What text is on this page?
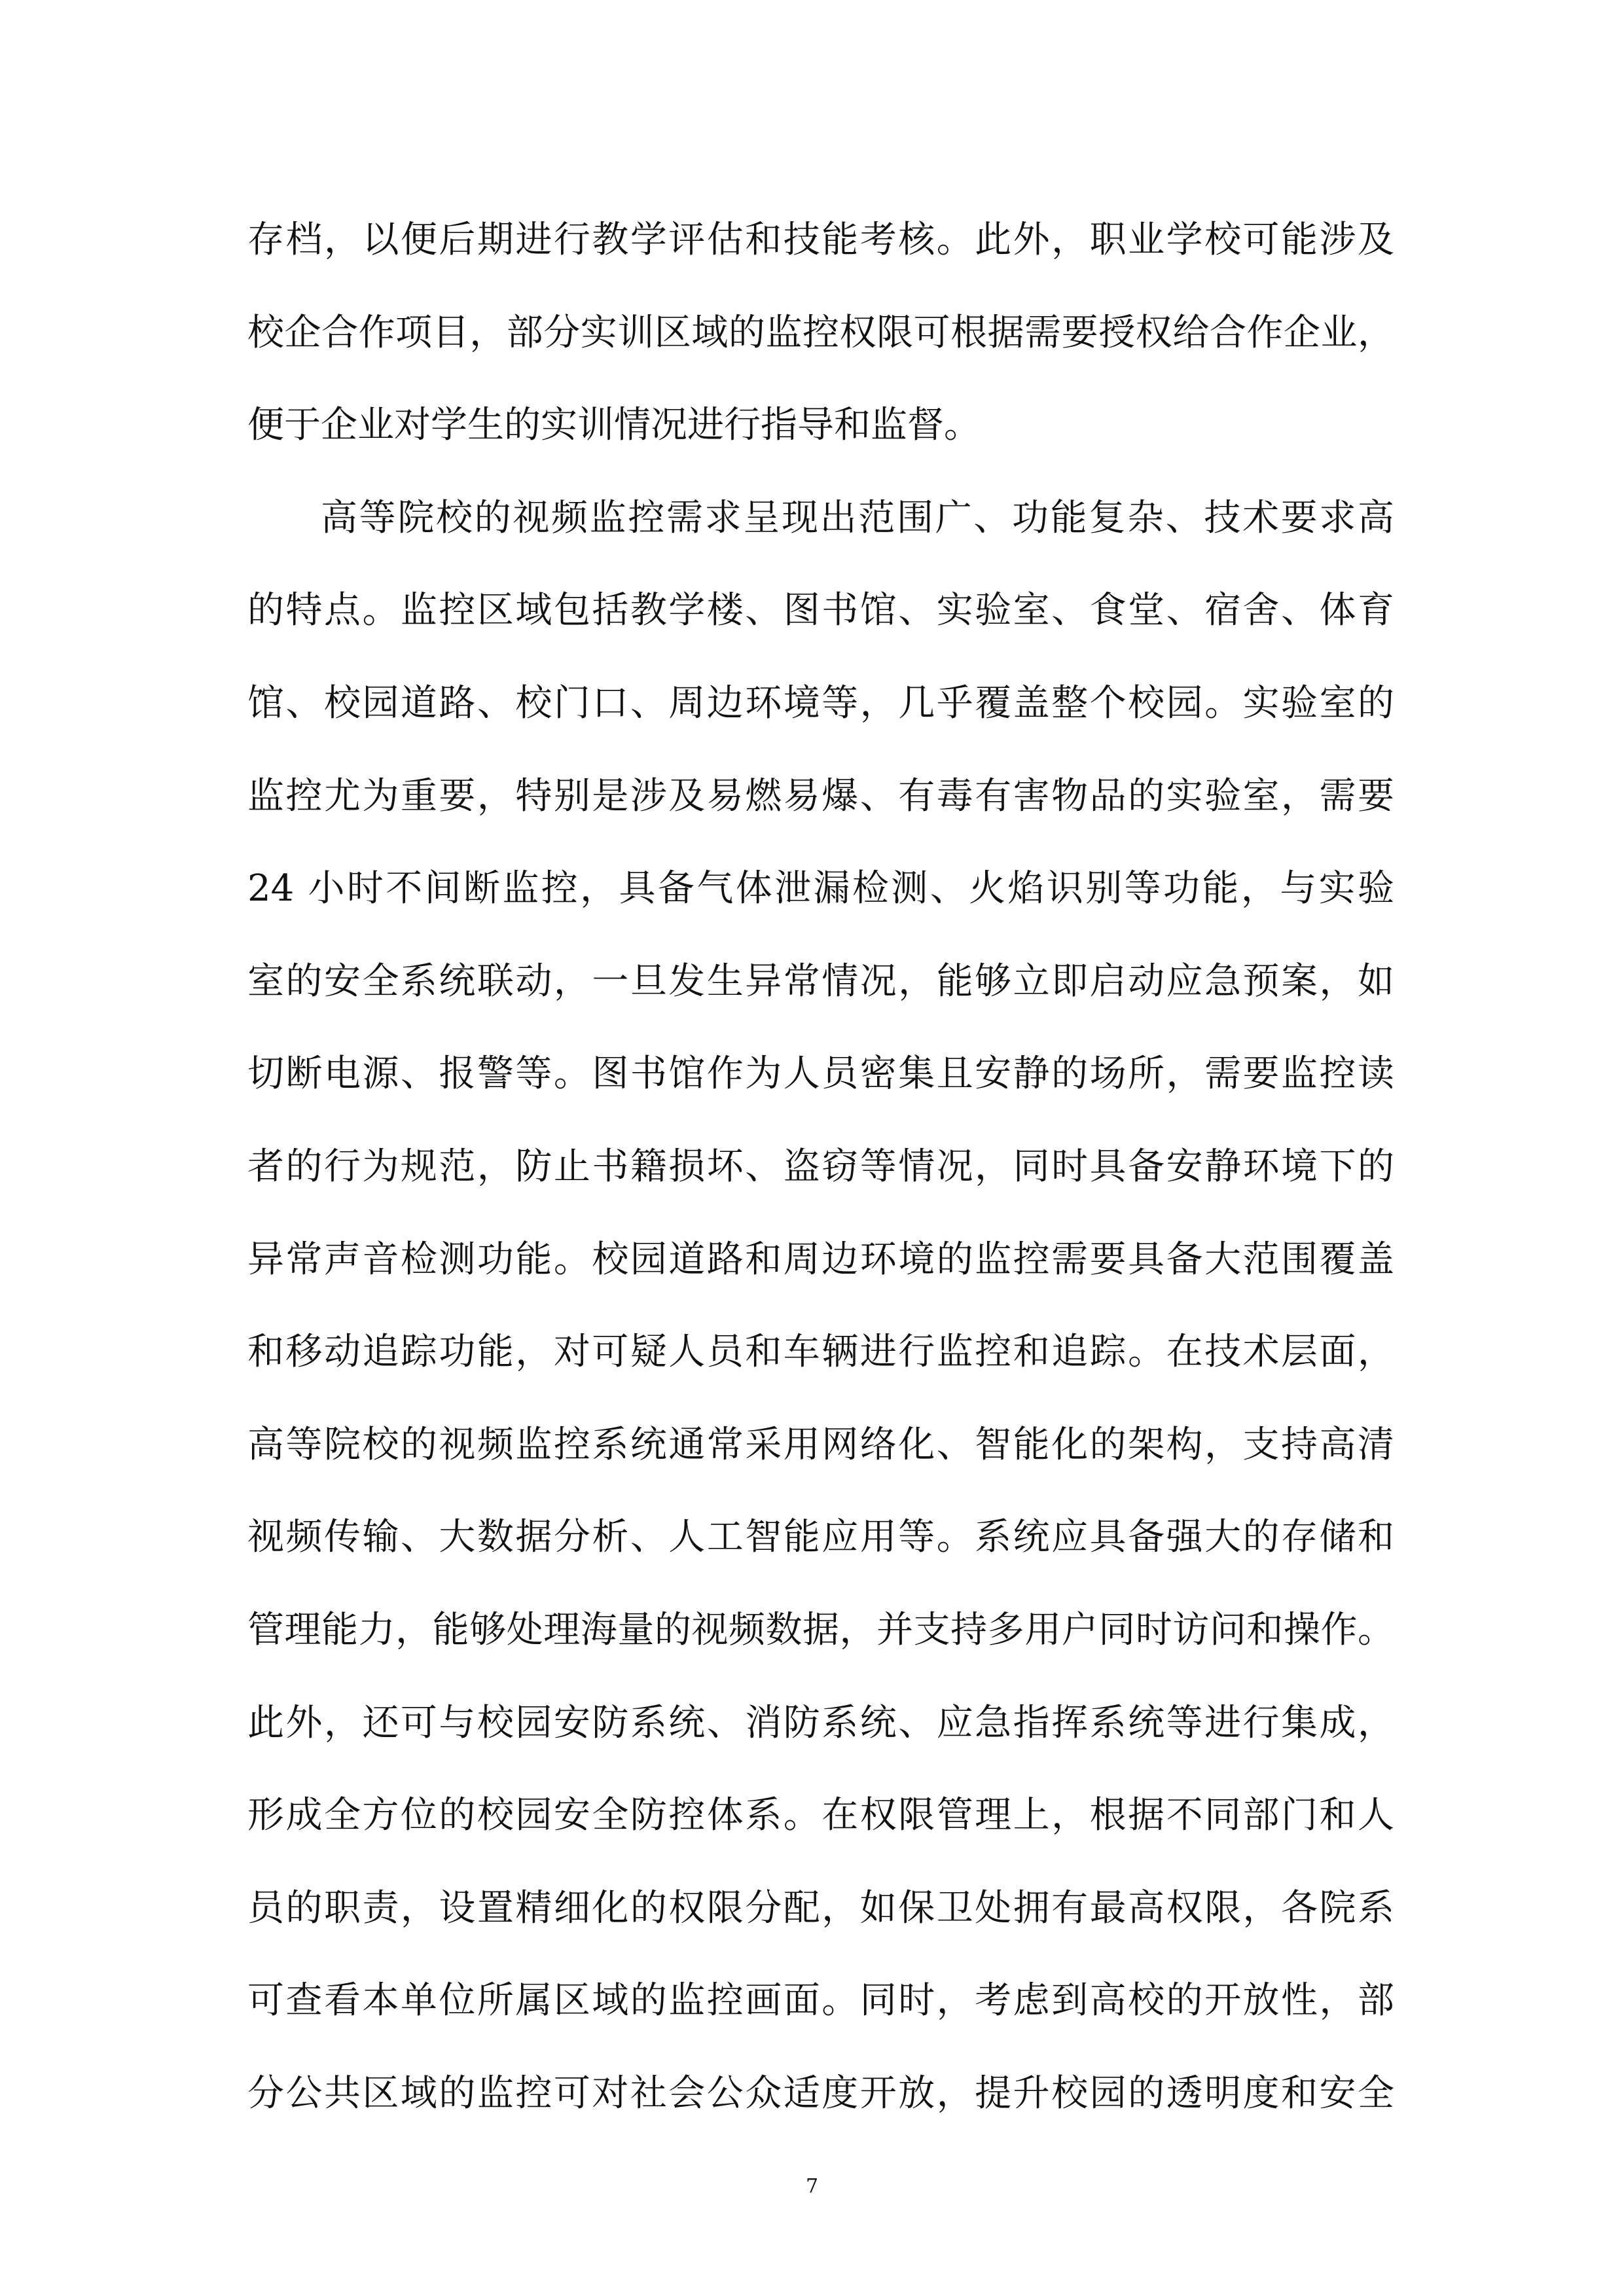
存档，以便后期进行教学评估和技能考核。此外，职业学校可能涉及
校企合作项目，部分实训区域的监控权限可根据需要授权给合作企业，
便于企业对学生的实训情况进行指导和监督。
高等院校的视频监控需求呈现出范围广、功能复杂、技术要求高
的特点。监控区域包括教学楼、图书馆、实验室、食堂、宿舍、体育
馆、校园道路、校门口、周边环境等，几乎覆盖整个校园。实验室的
监控尤为重要，特别是涉及易燃易爆、有毒有害物品的实验室，需要
24 小时不间断监控，具备气体泄漏检测、火焰识别等功能，与实验
室的安全系统联动，一旦发生异常情况，能够立即启动应急预案，如
切断电源、报警等。图书馆作为人员密集且安静的场所，需要监控读
者的行为规范，防止书籍损坏、盗窃等情况，同时具备安静环境下的
异常声音检测功能。校园道路和周边环境的监控需要具备大范围覆盖
和移动追踪功能，对可疑人员和车辆进行监控和追踪。在技术层面，
高等院校的视频监控系统通常采用网络化、智能化的架构，支持高清
视频传输、大数据分析、人工智能应用等。系统应具备强大的存储和
管理能力，能够处理海量的视频数据，并支持多用户同时访问和操作。
此外，还可与校园安防系统、消防系统、应急指挥系统等进行集成，
形成全方位的校园安全防控体系。在权限管理上，根据不同部门和人
员的职责，设置精细化的权限分配，如保卫处拥有最高权限，各院系
可查看本单位所属区域的监控画面。同时，考虑到高校的开放性，部
分公共区域的监控可对社会公众适度开放，提升校园的透明度和安全
7
